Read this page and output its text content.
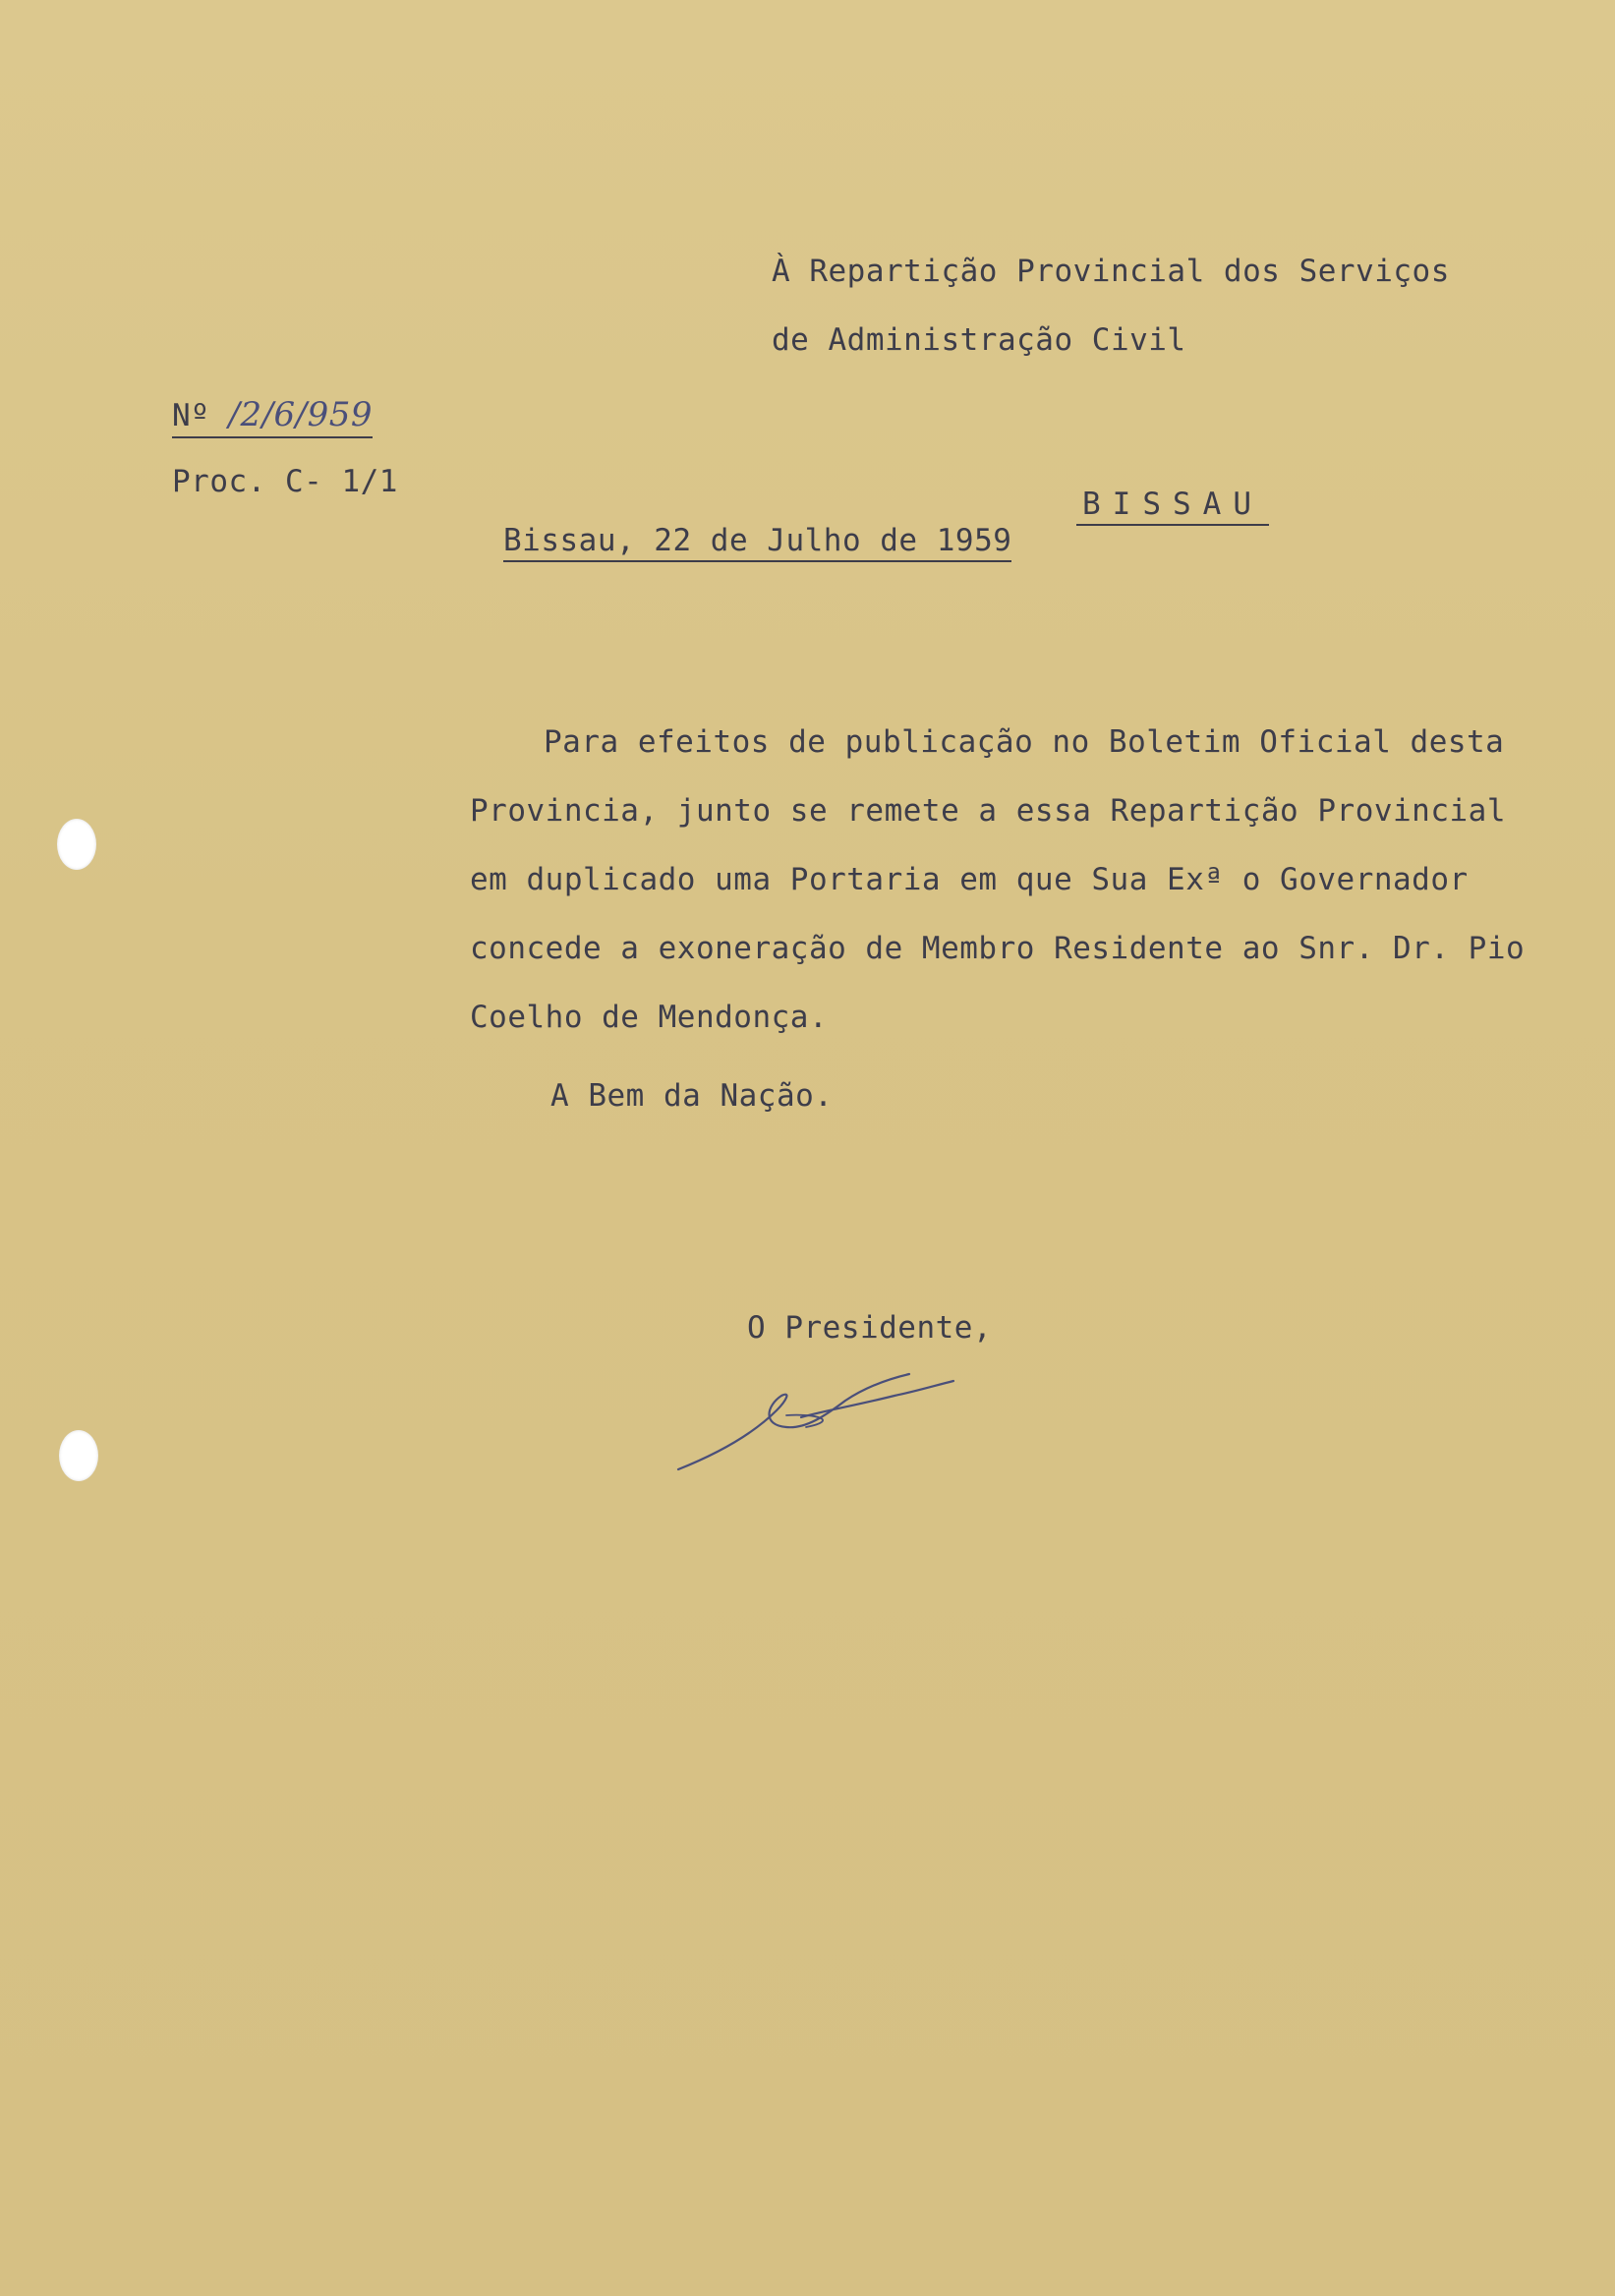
À Repartição Provincial dos Serviços
de Administração Civil
Nº /2/6/959
Proc. C- 1/1
BISSAU
Bissau, 22 de Julho de 1959

Para efeitos de publicação no Boletim Oficial desta

Provincia, junto se remete a essa Repartição Provincial

em duplicado uma Portaria em que Sua Exª o Governador

concede a exoneração de Membro Residente ao Snr. Dr. Pio

Coelho de Mendonça.

A Bem da Nação.
O Presidente,
